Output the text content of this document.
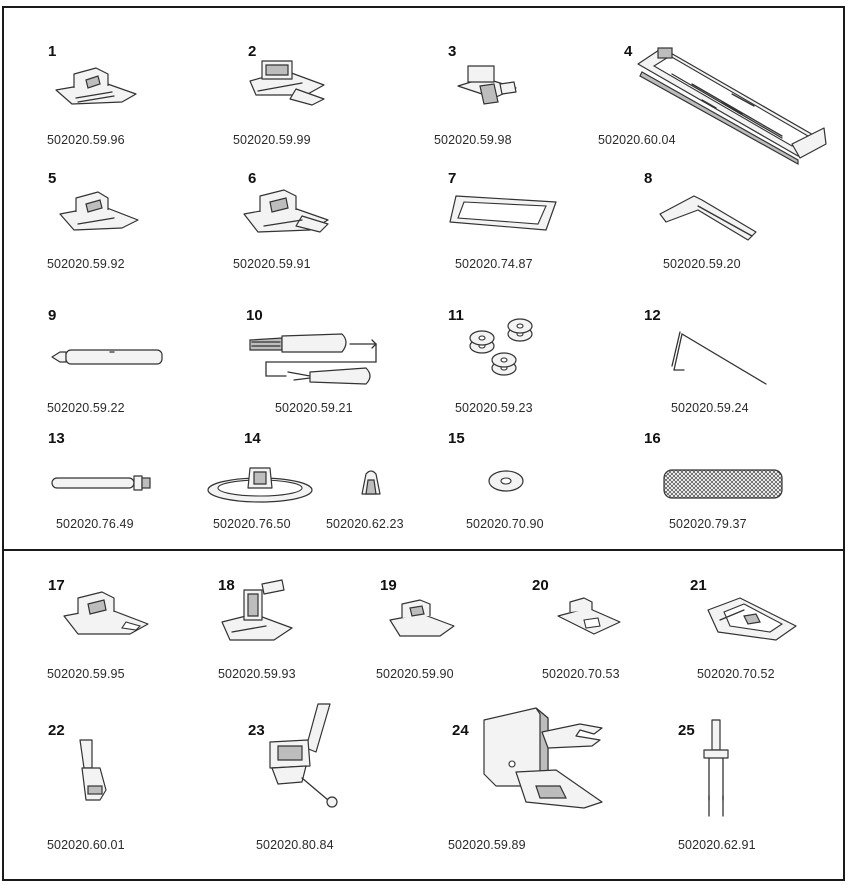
1
502020.59.96
2
502020.59.99
3
502020.59.98
4
502020.60.04
5
502020.59.92
6
502020.59.91
7
502020.74.87
8
502020.59.20
9
502020.59.22
10
502020.59.21
11
502020.59.23
12
502020.59.24
13
502020.76.49
14
502020.76.50	502020.62.23
15
502020.70.90
16
502020.79.37
17
502020.59.95
18
502020.59.93
19
502020.59.90
20
502020.70.53
21
502020.70.52
22
502020.60.01
23
502020.80.84
24
502020.59.89
25
502020.62.91
